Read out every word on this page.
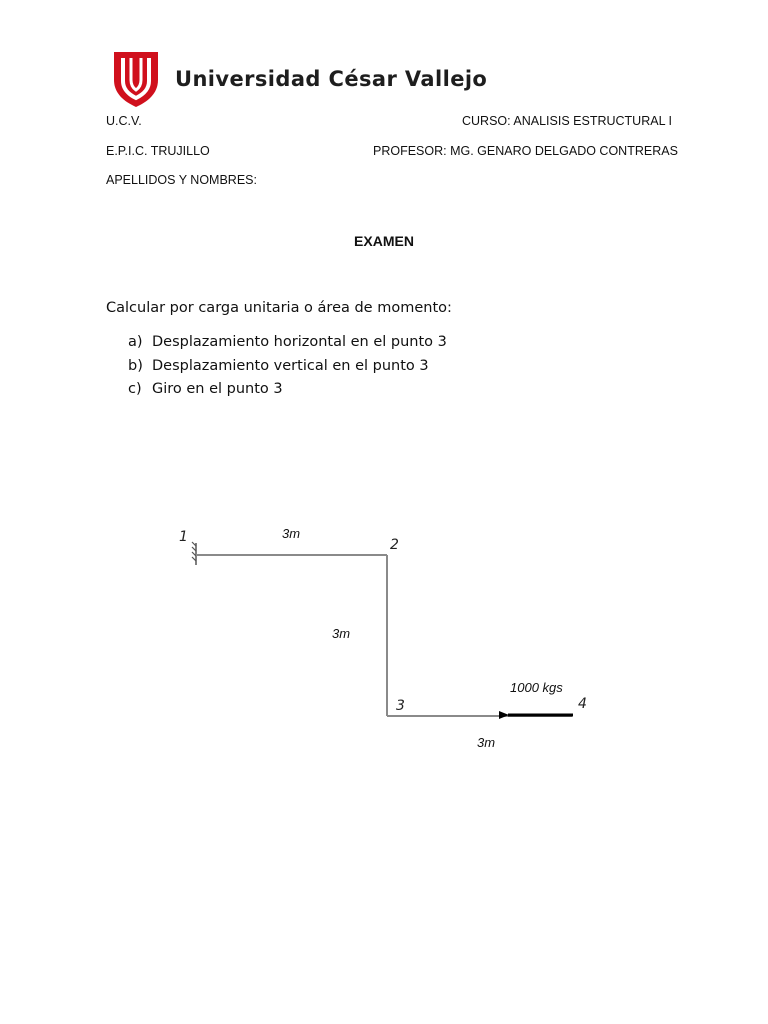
Universidad César Vallejo
U.C.V.	CURSO: ANALISIS ESTRUCTURAL I
E.P.I.C. TRUJILLO	PROFESOR: MG. GENARO DELGADO CONTRERAS
APELLIDOS Y NOMBRES:
EXAMEN
Calcular por carga unitaria o área de momento:
a) Desplazamiento horizontal en el punto 3
b) Desplazamiento vertical en el punto 3
c) Giro en el punto 3
1	2
3	4
3m
3m
3m
1000 kgs
